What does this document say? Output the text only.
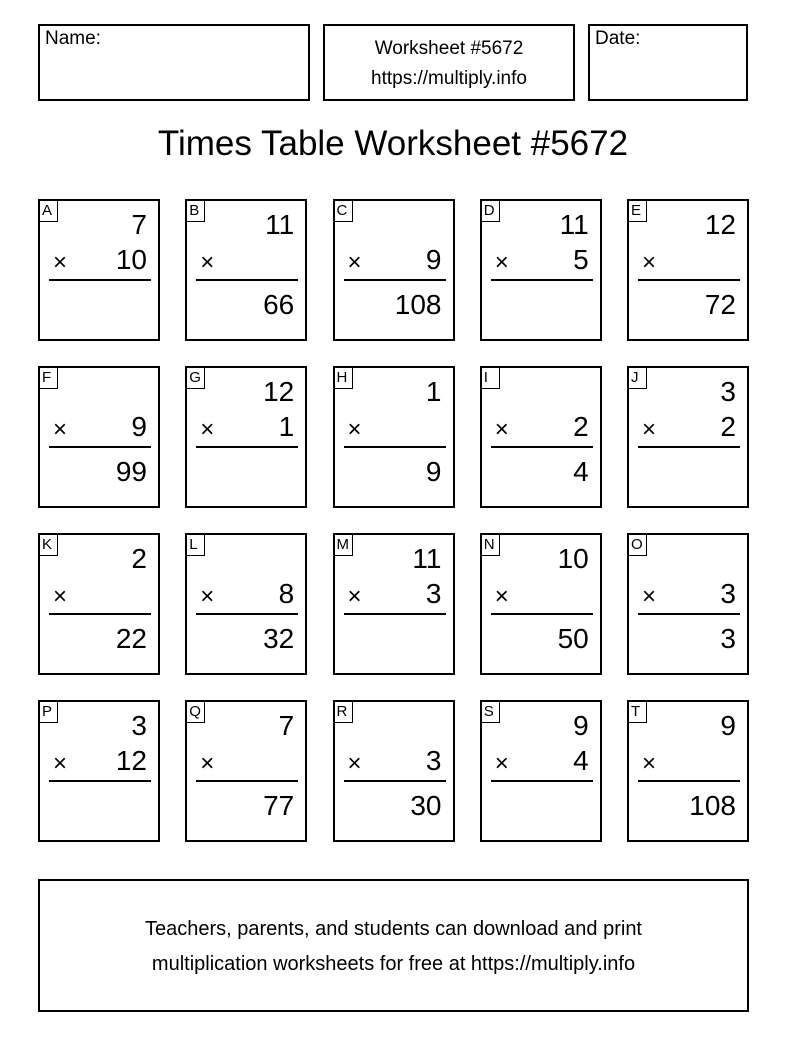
Name:	Worksheet #5672
https://multiply.info
Date:
Times Table Worksheet #5672
A	7
× 10
B 11
×
66
C
× 9
108
D 11
× 5
E 12
×
72
F
× 9
99
G 12
× 1
H	1
×
9
I
× 2
4
J	3
× 2
K	2
×
22
L
× 8
32
M 11
× 3
N 10
×
50
O
× 3
3
P	3
× 12
Q	7
×
77
R
× 3
30
S	9
× 4
T	9
×
108
Teachers, parents, and students can download and print
multiplication worksheets for free at https://multiply.info
